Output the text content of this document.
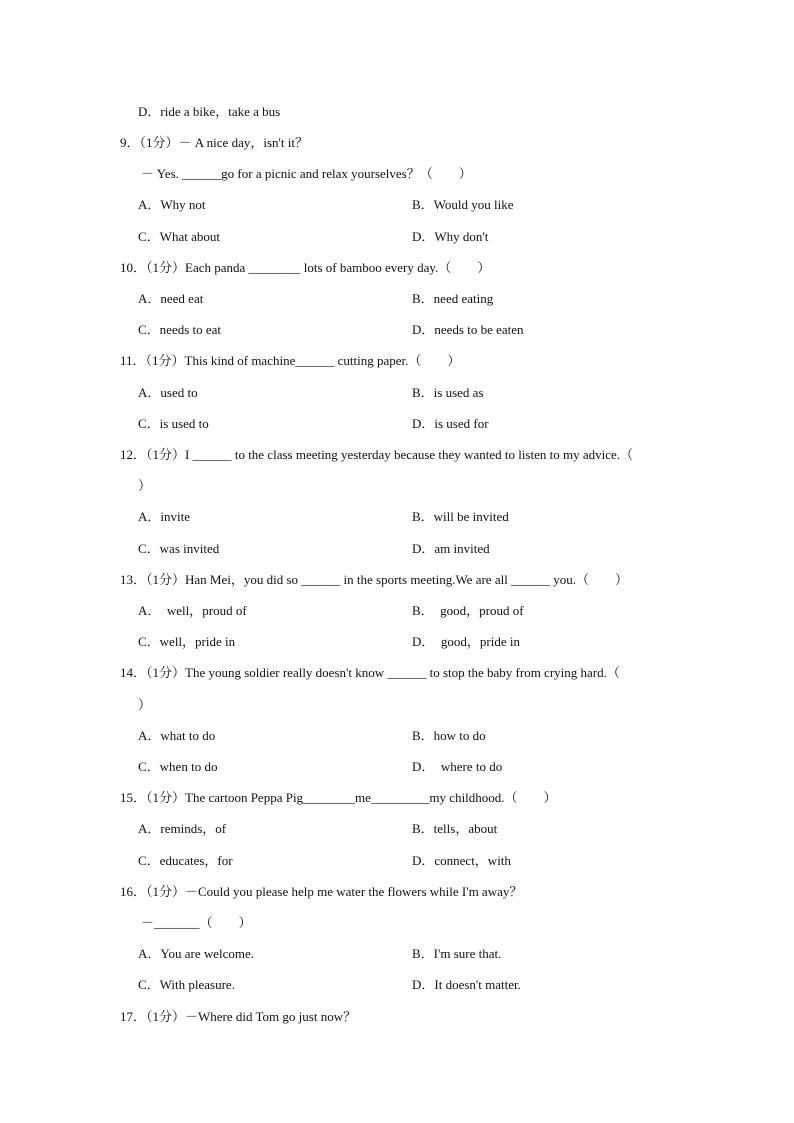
D．ride a bike，take a bus
9．（1分）－ A nice day，isn't it？
－ Yes. ______go for a picnic and relax yourselves？（　　）
A．Why not	B．Would you like
C．What about	D．Why don't
10．（1分）Each panda ________ lots of bamboo every day.（　　）
A．need eat	B．need eating
C．needs to eat	D．needs to be eaten
11．（1分）This kind of machine______ cutting paper.（　　）
A．used to	B．is used as
C．is used to	D．is used for
12．（1分）I ______ to the class meeting yesterday because they wanted to listen to my advice.（
）
A．invite	B．will be invited
C．was invited	D．am invited
13．（1分）Han Mei，you did so ______ in the sports meeting.We are all ______ you.（　　）
A．  well，proud of	B．  good，proud of
C．well，pride in	D．  good，pride in
14．（1分）The young soldier really doesn't know ______ to stop the baby from crying hard.（
）
A．what to do	B．how to do
C．when to do	D．  where to do
15．（1分）The cartoon Peppa Pig________me_________my childhood.（　　）
A．reminds，of	B．tells，about
C．educates，for	D．connect，with
16．（1分）－Could you please help me water the flowers while I'm away？
－_______（　　）
A．You are welcome.	B．I'm sure that.
C．With pleasure.	D．It doesn't matter.
17．（1分）－Where did Tom go just now？
